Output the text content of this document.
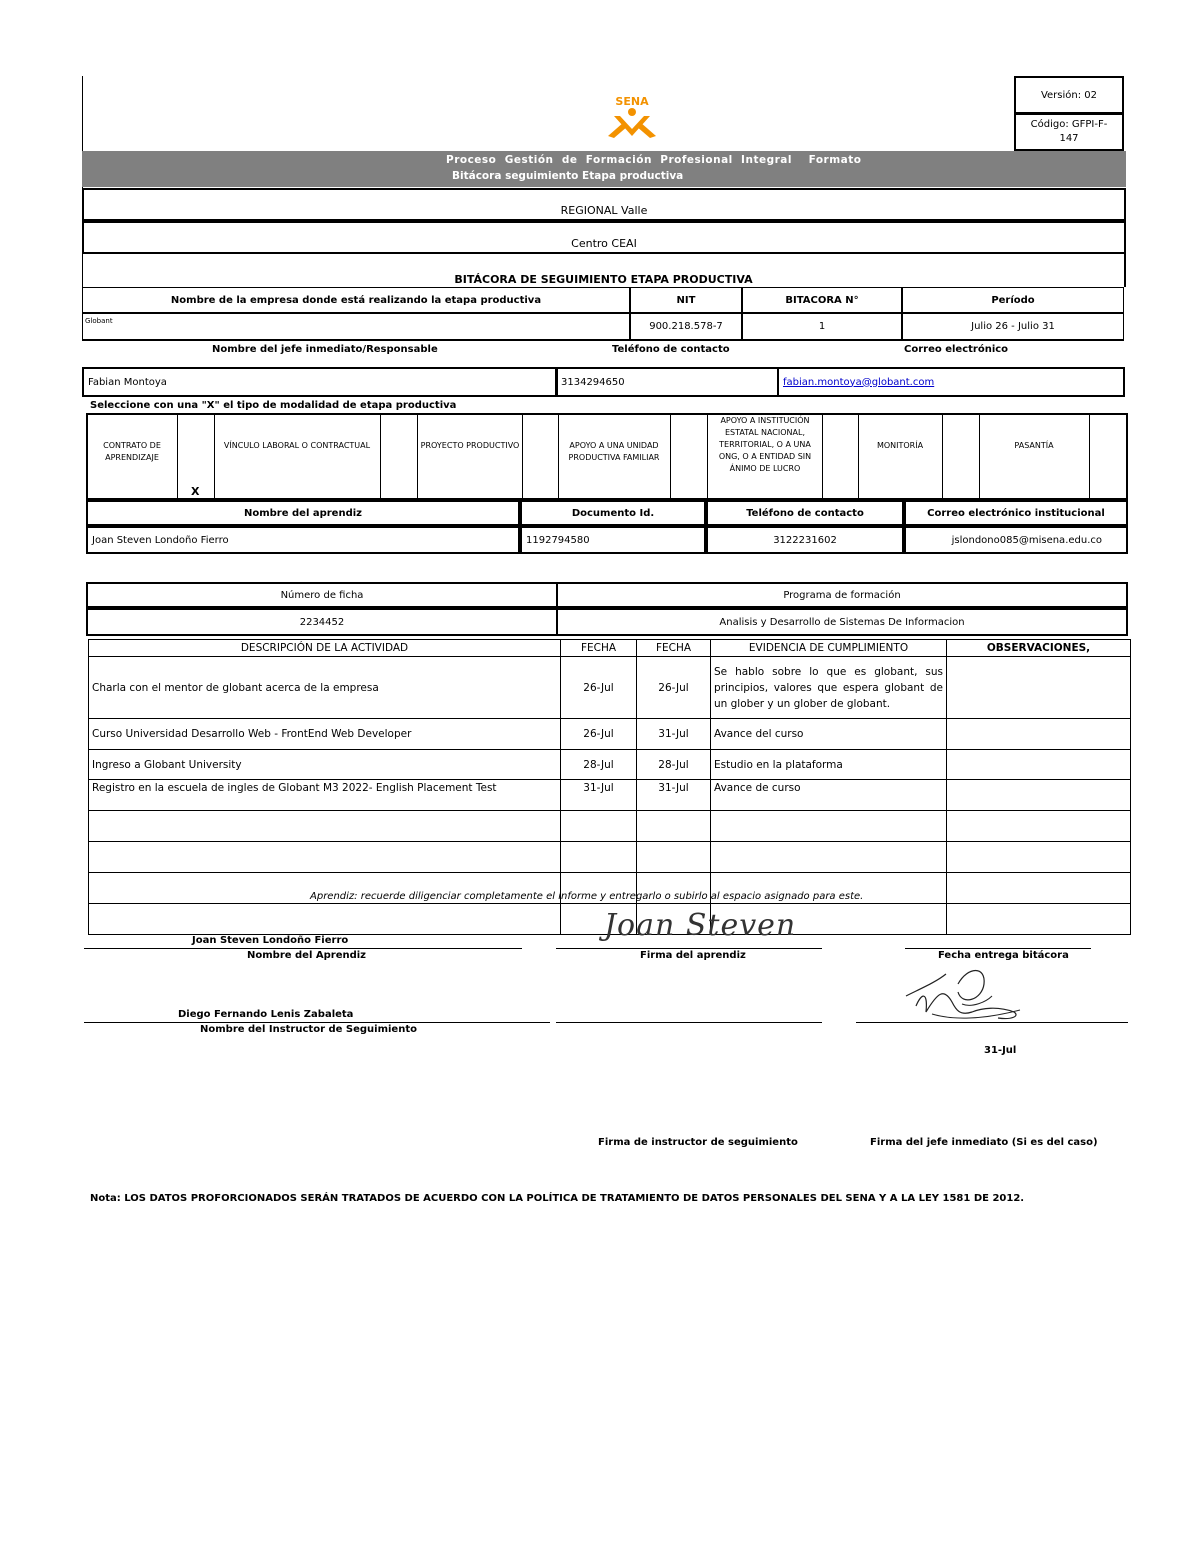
SENA	Versión: 02
Código: GFPI-F-147
Proceso  Gestión  de  Formación  Profesional  Integral    Formato
Bitácora seguimiento Etapa productiva
REGIONAL Valle
Centro CEAI
BITÁCORA DE SEGUIMIENTO ETAPA PRODUCTIVA
Nombre de la empresa donde está realizando la etapa productiva	NIT	BITACORA N°	Período
Globant	900.218.578-7	1	Julio 26 - Julio 31
Nombre del jefe inmediato/Responsable	Teléfono de contacto	Correo electrónico
Fabian Montoya	3134294650	fabian.montoya@globant.com
Seleccione con una "X" el tipo de modalidad de etapa productiva
CONTRATO DE APRENDIZAJE
X
VÍNCULO LABORAL O CONTRACTUAL	PROYECTO PRODUCTIVO	APOYO A UNA UNIDAD PRODUCTIVA FAMILIAR
APOYO A INSTITUCIÓN ESTATAL NACIONAL, TERRITORIAL, O A UNA ONG, O A ENTIDAD SIN ÁNIMO DE LUCRO
MONITORÍA	PASANTÍA
Nombre del aprendiz	Documento Id.	Teléfono de contacto	Correo electrónico institucional
Joan Steven Londoño Fierro	1192794580	3122231602	jslondono085@misena.edu.co
Número de ficha	Programa de formación
2234452	Analisis y Desarrollo de Sistemas De Informacion
DESCRIPCIÓN DE LA ACTIVIDAD	FECHA	FECHA	EVIDENCIA DE CUMPLIMIENTO	OBSERVACIONES,
Charla con el mentor de globant acerca de la empresa	26-Jul	26-Jul	Se hablo sobre lo que es globant, sus principios, valores que espera globant de un glober y un glober de globant.	
Curso Universidad Desarrollo Web - FrontEnd Web Developer	26-Jul	31-Jul	Avance del curso	
Ingreso a Globant University	28-Jul	28-Jul	Estudio en la plataforma	
Registro en la escuela de ingles de Globant M3 2022- English Placement Test	31-Jul	31-Jul	Avance de curso	

Aprendiz: recuerde diligenciar completamente el informe y entregarlo o subirlo al espacio asignado para este.
Joan Steven Londoño Fierro
Nombre del Aprendiz
Joan Steven
Firma del aprendiz	Fecha entrega bitácora
Diego Fernando Lenis Zabaleta
Nombre del Instructor de Seguimiento
31-Jul
Firma de instructor de seguimiento	Firma del jefe inmediato (Si es del caso)
Nota: LOS DATOS PROFORCIONADOS SERÁN TRATADOS DE ACUERDO CON LA POLÍTICA DE TRATAMIENTO DE DATOS PERSONALES DEL SENA Y A LA LEY 1581 DE 2012.
